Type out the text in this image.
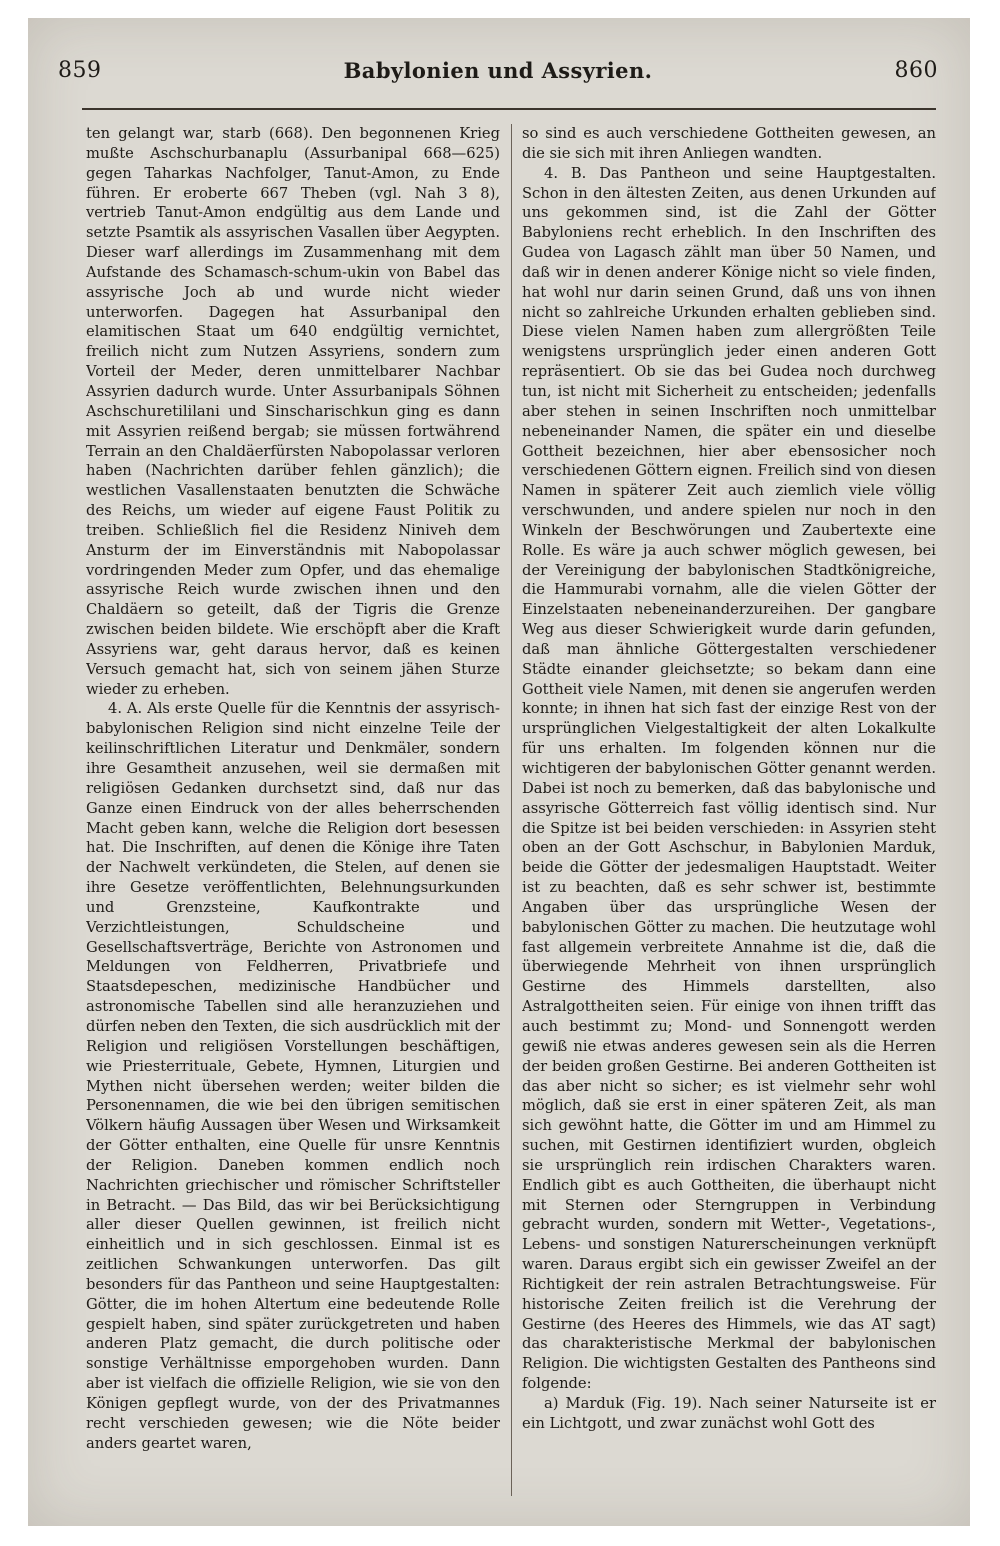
859	Babylonien und Assyrien.	860

ten gelangt war, starb (668). Den begonnenen Krieg mußte Aschschurbanaplu (Assurbanipal 668—625) gegen Taharkas Nachfolger, Tanut-Amon, zu Ende führen. Er eroberte 667 Theben (vgl. Nah 3 8), vertrieb Tanut-Amon endgültig aus dem Lande und setzte Psamtik als assyrischen Vasallen über Aegypten. Dieser warf allerdings im Zusammenhang mit dem Aufstande des Schamasch-schum-ukin von Babel das assyrische Joch ab und wurde nicht wieder unterworfen. Dagegen hat Assurbanipal den elamitischen Staat um 640 endgültig vernichtet, freilich nicht zum Nutzen Assyriens, sondern zum Vorteil der Meder, deren unmittelbarer Nachbar Assyrien dadurch wurde. Unter Assurbanipals Söhnen Aschschuretililani und Sinscharischkun ging es dann mit Assyrien reißend bergab; sie müssen fortwährend Terrain an den Chaldäerfürsten Nabopolassar verloren haben (Nachrichten darüber fehlen gänzlich); die westlichen Vasallenstaaten benutzten die Schwäche des Reichs, um wieder auf eigene Faust Politik zu treiben. Schließlich fiel die Residenz Niniveh dem Ansturm der im Einverständnis mit Nabopolassar vordringenden Meder zum Opfer, und das ehemalige assyrische Reich wurde zwischen ihnen und den Chaldäern so geteilt, daß der Tigris die Grenze zwischen beiden bildete. Wie erschöpft aber die Kraft Assyriens war, geht daraus hervor, daß es keinen Versuch gemacht hat, sich von seinem jähen Sturze wieder zu erheben.

4. A. Als erste Quelle für die Kenntnis der assyrisch-babylonischen Religion sind nicht einzelne Teile der keilinschriftlichen Literatur und Denkmäler, sondern ihre Gesamtheit anzusehen, weil sie dermaßen mit religiösen Gedanken durchsetzt sind, daß nur das Ganze einen Eindruck von der alles beherrschenden Macht geben kann, welche die Religion dort besessen hat. Die Inschriften, auf denen die Könige ihre Taten der Nachwelt verkündeten, die Stelen, auf denen sie ihre Gesetze veröffentlichten, Belehnungsurkunden und Grenzsteine, Kaufkontrakte und Verzichtleistungen, Schuldscheine und Gesellschaftsverträge, Berichte von Astronomen und Meldungen von Feldherren, Privatbriefe und Staatsdepeschen, medizinische Handbücher und astronomische Tabellen sind alle heranzuziehen und dürfen neben den Texten, die sich ausdrücklich mit der Religion und religiösen Vorstellungen beschäftigen, wie Priesterrituale, Gebete, Hymnen, Liturgien und Mythen nicht übersehen werden; weiter bilden die Personennamen, die wie bei den übrigen semitischen Völkern häufig Aussagen über Wesen und Wirksamkeit der Götter enthalten, eine Quelle für unsre Kenntnis der Religion. Daneben kommen endlich noch Nachrichten griechischer und römischer Schriftsteller in Betracht. — Das Bild, das wir bei Berücksichtigung aller dieser Quellen gewinnen, ist freilich nicht einheitlich und in sich geschlossen. Einmal ist es zeitlichen Schwankungen unterworfen. Das gilt besonders für das Pantheon und seine Hauptgestalten: Götter, die im hohen Altertum eine bedeutende Rolle gespielt haben, sind später zurückgetreten und haben anderen Platz gemacht, die durch politische oder sonstige Verhältnisse emporgehoben wurden. Dann aber ist vielfach die offizielle Religion, wie sie von den Königen gepflegt wurde, von der des Privatmannes recht verschieden gewesen; wie die Nöte beider anders geartet waren,

so sind es auch verschiedene Gottheiten gewesen, an die sie sich mit ihren Anliegen wandten.

4. B. Das Pantheon und seine Hauptgestalten. Schon in den ältesten Zeiten, aus denen Urkunden auf uns gekommen sind, ist die Zahl der Götter Babyloniens recht erheblich. In den Inschriften des Gudea von Lagasch zählt man über 50 Namen, und daß wir in denen anderer Könige nicht so viele finden, hat wohl nur darin seinen Grund, daß uns von ihnen nicht so zahlreiche Urkunden erhalten geblieben sind. Diese vielen Namen haben zum allergrößten Teile wenigstens ursprünglich jeder einen anderen Gott repräsentiert. Ob sie das bei Gudea noch durchweg tun, ist nicht mit Sicherheit zu entscheiden; jedenfalls aber stehen in seinen Inschriften noch unmittelbar nebeneinander Namen, die später ein und dieselbe Gottheit bezeichnen, hier aber ebensosicher noch verschiedenen Göttern eignen. Freilich sind von diesen Namen in späterer Zeit auch ziemlich viele völlig verschwunden, und andere spielen nur noch in den Winkeln der Beschwörungen und Zaubertexte eine Rolle. Es wäre ja auch schwer möglich gewesen, bei der Vereinigung der babylonischen Stadtkönigreiche, die Hammurabi vornahm, alle die vielen Götter der Einzelstaaten nebeneinanderzureihen. Der gangbare Weg aus dieser Schwierigkeit wurde darin gefunden, daß man ähnliche Göttergestalten verschiedener Städte einander gleichsetzte; so bekam dann eine Gottheit viele Namen, mit denen sie angerufen werden konnte; in ihnen hat sich fast der einzige Rest von der ursprünglichen Vielgestaltigkeit der alten Lokalkulte für uns erhalten. Im folgenden können nur die wichtigeren der babylonischen Götter genannt werden. Dabei ist noch zu bemerken, daß das babylonische und assyrische Götterreich fast völlig identisch sind. Nur die Spitze ist bei beiden verschieden: in Assyrien steht oben an der Gott Aschschur, in Babylonien Marduk, beide die Götter der jedesmaligen Hauptstadt. Weiter ist zu beachten, daß es sehr schwer ist, bestimmte Angaben über das ursprüngliche Wesen der babylonischen Götter zu machen. Die heutzutage wohl fast allgemein verbreitete Annahme ist die, daß die überwiegende Mehrheit von ihnen ursprünglich Gestirne des Himmels darstellten, also Astralgottheiten seien. Für einige von ihnen trifft das auch bestimmt zu; Mond- und Sonnengott werden gewiß nie etwas anderes gewesen sein als die Herren der beiden großen Gestirne. Bei anderen Gottheiten ist das aber nicht so sicher; es ist vielmehr sehr wohl möglich, daß sie erst in einer späteren Zeit, als man sich gewöhnt hatte, die Götter im und am Himmel zu suchen, mit Gestirnen identifiziert wurden, obgleich sie ursprünglich rein irdischen Charakters waren. Endlich gibt es auch Gottheiten, die überhaupt nicht mit Sternen oder Sterngruppen in Verbindung gebracht wurden, sondern mit Wetter-, Vegetations-, Lebens- und sonstigen Naturerscheinungen verknüpft waren. Daraus ergibt sich ein gewisser Zweifel an der Richtigkeit der rein astralen Betrachtungsweise. Für historische Zeiten freilich ist die Verehrung der Gestirne (des Heeres des Himmels, wie das AT sagt) das charakteristische Merkmal der babylonischen Religion. Die wichtigsten Gestalten des Pantheons sind folgende:

a) Marduk (Fig. 19). Nach seiner Naturseite ist er ein Lichtgott, und zwar zunächst wohl Gott des
